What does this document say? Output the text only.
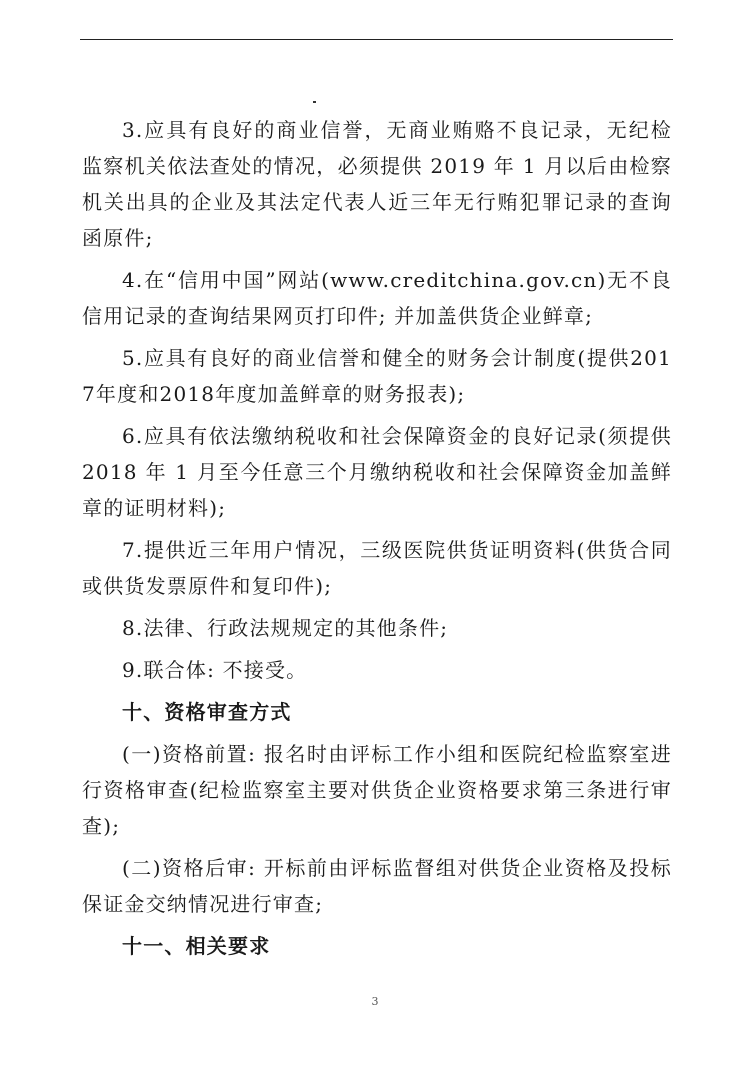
3.应具有良好的商业信誉，无商业贿赂不良记录，无纪检监察机关依法查处的情况，必须提供 2019 年 1 月以后由检察机关出具的企业及其法定代表人近三年无行贿犯罪记录的查询函原件;

4.在“信用中国”网站(www.creditchina.gov.cn)无不良信用记录的查询结果网页打印件; 并加盖供货企业鲜章;

5.应具有良好的商业信誉和健全的财务会计制度(提供2017年度和2018年度加盖鲜章的财务报表);

6.应具有依法缴纳税收和社会保障资金的良好记录(须提供2018 年 1 月至今任意三个月缴纳税收和社会保障资金加盖鲜章的证明材料);

7.提供近三年用户情况，三级医院供货证明资料(供货合同或供货发票原件和复印件);

8.法律、行政法规规定的其他条件;

9.联合体: 不接受。

十、资格审查方式

(一)资格前置: 报名时由评标工作小组和医院纪检监察室进行资格审查(纪检监察室主要对供货企业资格要求第三条进行审查);

(二)资格后审: 开标前由评标监督组对供货企业资格及投标保证金交纳情况进行审查;

十一、相关要求

3
